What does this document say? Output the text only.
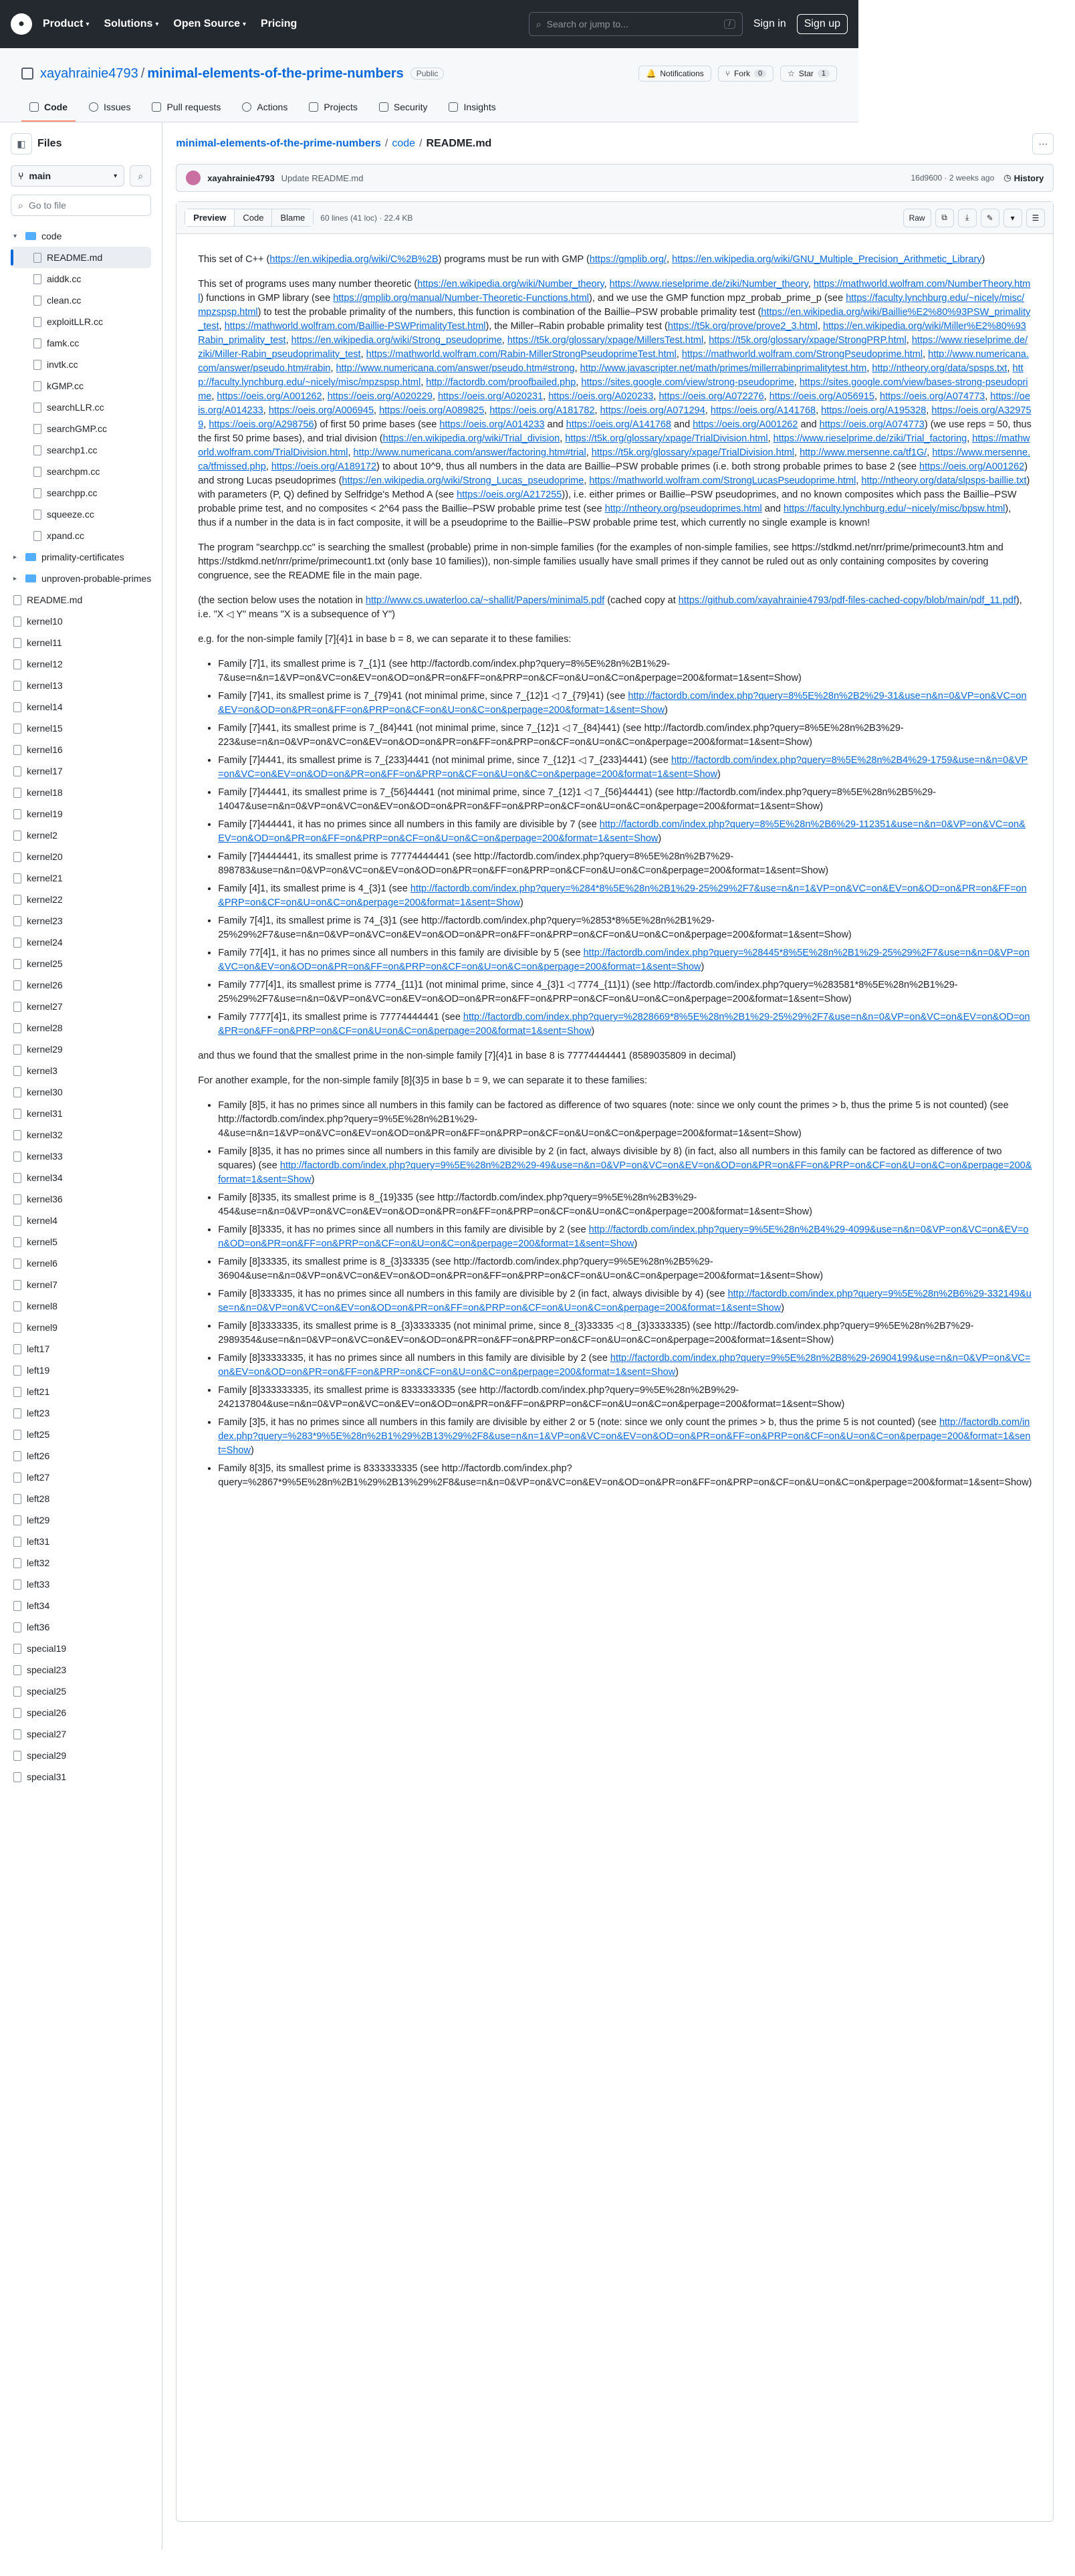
●	Product ▾ Solutions ▾ Open Source ▾ Pricing	⌕ Search or jump to...	/	Sign in	Sign up
xayahrainie4793 / minimal-elements-of-the-prime-numbers	Public	🔔 Notifications	⑂ Fork	0	☆ Star	1
Code	Issues	Pull requests	Actions	Projects	Security	Insights
◧	Files
⑂ main	▾ ⌕
⌕ Go to file
▾	code
README.md
aiddk.cc
clean.cc
exploitLLR.cc
famk.cc
invtk.cc
kGMP.cc
searchLLR.cc
searchGMP.cc
searchp1.cc
searchpm.cc
searchpp.cc
squeeze.cc
xpand.cc
▸	primality-certificates
▸	unproven-probable-primes
README.md
kernel10
kernel11
kernel12
kernel13
kernel14
kernel15
kernel16
kernel17
kernel18
kernel19
kernel2
kernel20
kernel21
kernel22
kernel23
kernel24
kernel25
kernel26
kernel27
kernel28
kernel29
kernel3
kernel30
kernel31
kernel32
kernel33
kernel34
kernel36
kernel4
kernel5
kernel6
kernel7
kernel8
kernel9
left17
left19
left21
left23
left25
left26
left27
left28
left29
left31
left32
left33
left34
left36
special19
special23
special25
special26
special27
special29
special31
minimal-elements-of-the-prime-numbers / code / README.md	⋯
xayahrainie4793 Update README.md	16d9600 · 2 weeks ago ◷ History
Preview	Code	Blame	60 lines (41 loc) · 22.4 KB	Raw	⧉	⤓	✎	▾	☰

This set of C++ (https://en.wikipedia.org/wiki/C%2B%2B) programs must be run with GMP (https://gmplib.org/, https://en.wikipedia.org/wiki/GNU_Multiple_Precision_Arithmetic_Library)

This set of programs uses many number theoretic (https://en.wikipedia.org/wiki/Number_theory, https://www.rieselprime.de/ziki/Number_theory, https://mathworld.wolfram.com/NumberTheory.html) functions in GMP library (see https://gmplib.org/manual/Number-Theoretic-Functions.html), and we use the GMP function mpz_probab_prime_p (see https://faculty.lynchburg.edu/~nicely/misc/mpzspsp.html) to test the probable primality of the numbers, this function is combination of the Baillie–PSW probable primality test (https://en.wikipedia.org/wiki/Baillie%E2%80%93PSW_primality_test, https://mathworld.wolfram.com/Baillie-PSWPrimalityTest.html), the Miller–Rabin probable primality test (https://t5k.org/prove/prove2_3.html, https://en.wikipedia.org/wiki/Miller%E2%80%93Rabin_primality_test, https://en.wikipedia.org/wiki/Strong_pseudoprime, https://t5k.org/glossary/xpage/MillersTest.html, https://t5k.org/glossary/xpage/StrongPRP.html, https://www.rieselprime.de/ziki/Miller-Rabin_pseudoprimality_test, https://mathworld.wolfram.com/Rabin-MillerStrongPseudoprimeTest.html, https://mathworld.wolfram.com/StrongPseudoprime.html, http://www.numericana.com/answer/pseudo.htm#rabin, http://www.numericana.com/answer/pseudo.htm#strong, http://www.javascripter.net/math/primes/millerrabinprimalitytest.htm, http://ntheory.org/data/spsps.txt, http://faculty.lynchburg.edu/~nicely/misc/mpzspsp.html, http://factordb.com/proofbailed.php, https://sites.google.com/view/strong-pseudoprime, https://sites.google.com/view/bases-strong-pseudoprime, https://oeis.org/A001262, https://oeis.org/A020229, https://oeis.org/A020231, https://oeis.org/A020233, https://oeis.org/A072276, https://oeis.org/A056915, https://oeis.org/A074773, https://oeis.org/A014233, https://oeis.org/A006945, https://oeis.org/A089825, https://oeis.org/A181782, https://oeis.org/A071294, https://oeis.org/A141768, https://oeis.org/A195328, https://oeis.org/A329759, https://oeis.org/A298756) of first 50 prime bases (see https://oeis.org/A014233 and https://oeis.org/A141768 and https://oeis.org/A001262 and https://oeis.org/A074773) (we use reps = 50, thus the first 50 prime bases), and trial division (https://en.wikipedia.org/wiki/Trial_division, https://t5k.org/glossary/xpage/TrialDivision.html, https://www.rieselprime.de/ziki/Trial_factoring, https://mathworld.wolfram.com/TrialDivision.html, http://www.numericana.com/answer/factoring.htm#trial, https://t5k.org/glossary/xpage/TrialDivision.html, http://www.mersenne.ca/tf1G/, https://www.mersenne.ca/tfmissed.php, https://oeis.org/A189172) to about 10^9, thus all numbers in the data are Baillie–PSW probable primes (i.e. both strong probable primes to base 2 (see https://oeis.org/A001262) and strong Lucas pseudoprimes (https://en.wikipedia.org/wiki/Strong_Lucas_pseudoprime, https://mathworld.wolfram.com/StrongLucasPseudoprime.html, http://ntheory.org/data/slpsps-baillie.txt) with parameters (P, Q) defined by Selfridge's Method A (see https://oeis.org/A217255)), i.e. either primes or Baillie–PSW pseudoprimes, and no known composites which pass the Baillie–PSW probable prime test, and no composites < 2^64 pass the Baillie–PSW probable prime test (see http://ntheory.org/pseudoprimes.html and https://faculty.lynchburg.edu/~nicely/misc/bpsw.html), thus if a number in the data is in fact composite, it will be a pseudoprime to the Baillie–PSW probable prime test, which currently no single example is known!

The program "searchpp.cc" is searching the smallest (probable) prime in non-simple families (for the examples of non-simple families, see https://stdkmd.net/nrr/prime/primecount3.htm and https://stdkmd.net/nrr/prime/primecount1.txt (only base 10 families)), non-simple families usually have small primes if they cannot be ruled out as only containing composites by covering congruence, see the README file in the main page.

(the section below uses the notation in http://www.cs.uwaterloo.ca/~shallit/Papers/minimal5.pdf (cached copy at https://github.com/xayahrainie4793/pdf-files-cached-copy/blob/main/pdf_11.pdf), i.e. "X ◁ Y" means "X is a subsequence of Y")

e.g. for the non-simple family [7]{4}1 in base b = 8, we can separate it to these families:

• Family [7]1, its smallest prime is 7_{1}1 (see http://factordb.com/index.php?query=8%5E%28n%2B1%29-7&use=n&n=1&VP=on&VC=on&EV=on&OD=on&PR=on&FF=on&PRP=on&CF=on&U=on&C=on&perpage=200&format=1&sent=Show)
• Family [7]41, its smallest prime is 7_{79}41 (not minimal prime, since 7_{12}1 ◁ 7_{79}41) (see http://factordb.com/index.php?query=8%5E%28n%2B2%29-31&use=n&n=0&VP=on&VC=on&EV=on&OD=on&PR=on&FF=on&PRP=on&CF=on&U=on&C=on&perpage=200&format=1&sent=Show)
• Family [7]441, its smallest prime is 7_{84}441 (not minimal prime, since 7_{12}1 ◁ 7_{84}441) (see http://factordb.com/index.php?query=8%5E%28n%2B3%29-223&use=n&n=0&VP=on&VC=on&EV=on&OD=on&PR=on&FF=on&PRP=on&CF=on&U=on&C=on&perpage=200&format=1&sent=Show)
• Family [7]4441, its smallest prime is 7_{233}4441 (not minimal prime, since 7_{12}1 ◁ 7_{233}4441) (see http://factordb.com/index.php?query=8%5E%28n%2B4%29-1759&use=n&n=0&VP=on&VC=on&EV=on&OD=on&PR=on&FF=on&PRP=on&CF=on&U=on&C=on&perpage=200&format=1&sent=Show)
• Family [7]44441, its smallest prime is 7_{56}44441 (not minimal prime, since 7_{12}1 ◁ 7_{56}44441) (see http://factordb.com/index.php?query=8%5E%28n%2B5%29-14047&use=n&n=0&VP=on&VC=on&EV=on&OD=on&PR=on&FF=on&PRP=on&CF=on&U=on&C=on&perpage=200&format=1&sent=Show)
• Family [7]444441, it has no primes since all numbers in this family are divisible by 7 (see http://factordb.com/index.php?query=8%5E%28n%2B6%29-112351&use=n&n=0&VP=on&VC=on&EV=on&OD=on&PR=on&FF=on&PRP=on&CF=on&U=on&C=on&perpage=200&format=1&sent=Show)
• Family [7]4444441, its smallest prime is 77774444441 (see http://factordb.com/index.php?query=8%5E%28n%2B7%29-898783&use=n&n=0&VP=on&VC=on&EV=on&OD=on&PR=on&FF=on&PRP=on&CF=on&U=on&C=on&perpage=200&format=1&sent=Show)
• Family [4]1, its smallest prime is 4_{3}1 (see http://factordb.com/index.php?query=%284*8%5E%28n%2B1%29-25%29%2F7&use=n&n=1&VP=on&VC=on&EV=on&OD=on&PR=on&FF=on&PRP=on&CF=on&U=on&C=on&perpage=200&format=1&sent=Show)
• Family 7[4]1, its smallest prime is 74_{3}1 (see http://factordb.com/index.php?query=%2853*8%5E%28n%2B1%29-25%29%2F7&use=n&n=0&VP=on&VC=on&EV=on&OD=on&PR=on&FF=on&PRP=on&CF=on&U=on&C=on&perpage=200&format=1&sent=Show)
• Family 77[4]1, it has no primes since all numbers in this family are divisible by 5 (see http://factordb.com/index.php?query=%28445*8%5E%28n%2B1%29-25%29%2F7&use=n&n=0&VP=on&VC=on&EV=on&OD=on&PR=on&FF=on&PRP=on&CF=on&U=on&C=on&perpage=200&format=1&sent=Show)
• Family 777[4]1, its smallest prime is 7774_{11}1 (not minimal prime, since 4_{3}1 ◁ 7774_{11}1) (see http://factordb.com/index.php?query=%283581*8%5E%28n%2B1%29-25%29%2F7&use=n&n=0&VP=on&VC=on&EV=on&OD=on&PR=on&FF=on&PRP=on&CF=on&U=on&C=on&perpage=200&format=1&sent=Show)
• Family 7777[4]1, its smallest prime is 77774444441 (see http://factordb.com/index.php?query=%2828669*8%5E%28n%2B1%29-25%29%2F7&use=n&n=0&VP=on&VC=on&EV=on&OD=on&PR=on&FF=on&PRP=on&CF=on&U=on&C=on&perpage=200&format=1&sent=Show)

and thus we found that the smallest prime in the non-simple family [7]{4}1 in base 8 is 77774444441 (8589035809 in decimal)

For another example, for the non-simple family [8]{3}5 in base b = 9, we can separate it to these families:

• Family [8]5, it has no primes since all numbers in this family can be factored as difference of two squares (note: since we only count the primes > b, thus the prime 5 is not counted) (see http://factordb.com/index.php?query=9%5E%28n%2B1%29-4&use=n&n=1&VP=on&VC=on&EV=on&OD=on&PR=on&FF=on&PRP=on&CF=on&U=on&C=on&perpage=200&format=1&sent=Show)
• Family [8]35, it has no primes since all numbers in this family are divisible by 2 (in fact, always divisible by 8) (in fact, also all numbers in this family can be factored as difference of two squares) (see http://factordb.com/index.php?query=9%5E%28n%2B2%29-49&use=n&n=0&VP=on&VC=on&EV=on&OD=on&PR=on&FF=on&PRP=on&CF=on&U=on&C=on&perpage=200&format=1&sent=Show)
• Family [8]335, its smallest prime is 8_{19}335 (see http://factordb.com/index.php?query=9%5E%28n%2B3%29-454&use=n&n=0&VP=on&VC=on&EV=on&OD=on&PR=on&FF=on&PRP=on&CF=on&U=on&C=on&perpage=200&format=1&sent=Show)
• Family [8]3335, it has no primes since all numbers in this family are divisible by 2 (see http://factordb.com/index.php?query=9%5E%28n%2B4%29-4099&use=n&n=0&VP=on&VC=on&EV=on&OD=on&PR=on&FF=on&PRP=on&CF=on&U=on&C=on&perpage=200&format=1&sent=Show)
• Family [8]33335, its smallest prime is 8_{3}33335 (see http://factordb.com/index.php?query=9%5E%28n%2B5%29-36904&use=n&n=0&VP=on&VC=on&EV=on&OD=on&PR=on&FF=on&PRP=on&CF=on&U=on&C=on&perpage=200&format=1&sent=Show)
• Family [8]333335, it has no primes since all numbers in this family are divisible by 2 (in fact, always divisible by 4) (see http://factordb.com/index.php?query=9%5E%28n%2B6%29-332149&use=n&n=0&VP=on&VC=on&EV=on&OD=on&PR=on&FF=on&PRP=on&CF=on&U=on&C=on&perpage=200&format=1&sent=Show)
• Family [8]3333335, its smallest prime is 8_{3}3333335 (not minimal prime, since 8_{3}33335 ◁ 8_{3}3333335) (see http://factordb.com/index.php?query=9%5E%28n%2B7%29-2989354&use=n&n=0&VP=on&VC=on&EV=on&OD=on&PR=on&FF=on&PRP=on&CF=on&U=on&C=on&perpage=200&format=1&sent=Show)
• Family [8]33333335, it has no primes since all numbers in this family are divisible by 2 (see http://factordb.com/index.php?query=9%5E%28n%2B8%29-26904199&use=n&n=0&VP=on&VC=on&EV=on&OD=on&PR=on&FF=on&PRP=on&CF=on&U=on&C=on&perpage=200&format=1&sent=Show)
• Family [8]333333335, its smallest prime is 8333333335 (see http://factordb.com/index.php?query=9%5E%28n%2B9%29-242137804&use=n&n=0&VP=on&VC=on&EV=on&OD=on&PR=on&FF=on&PRP=on&CF=on&U=on&C=on&perpage=200&format=1&sent=Show)
• Family [3]5, it has no primes since all numbers in this family are divisible by either 2 or 5 (note: since we only count the primes > b, thus the prime 5 is not counted) (see http://factordb.com/index.php?query=%283*9%5E%28n%2B1%29%2B13%29%2F8&use=n&n=1&VP=on&VC=on&EV=on&OD=on&PR=on&FF=on&PRP=on&CF=on&U=on&C=on&perpage=200&format=1&sent=Show)
• Family 8[3]5, its smallest prime is 8333333335 (see http://factordb.com/index.php?query=%2867*9%5E%28n%2B1%29%2B13%29%2F8&use=n&n=0&VP=on&VC=on&EV=on&OD=on&PR=on&FF=on&PRP=on&CF=on&U=on&C=on&perpage=200&format=1&sent=Show)
